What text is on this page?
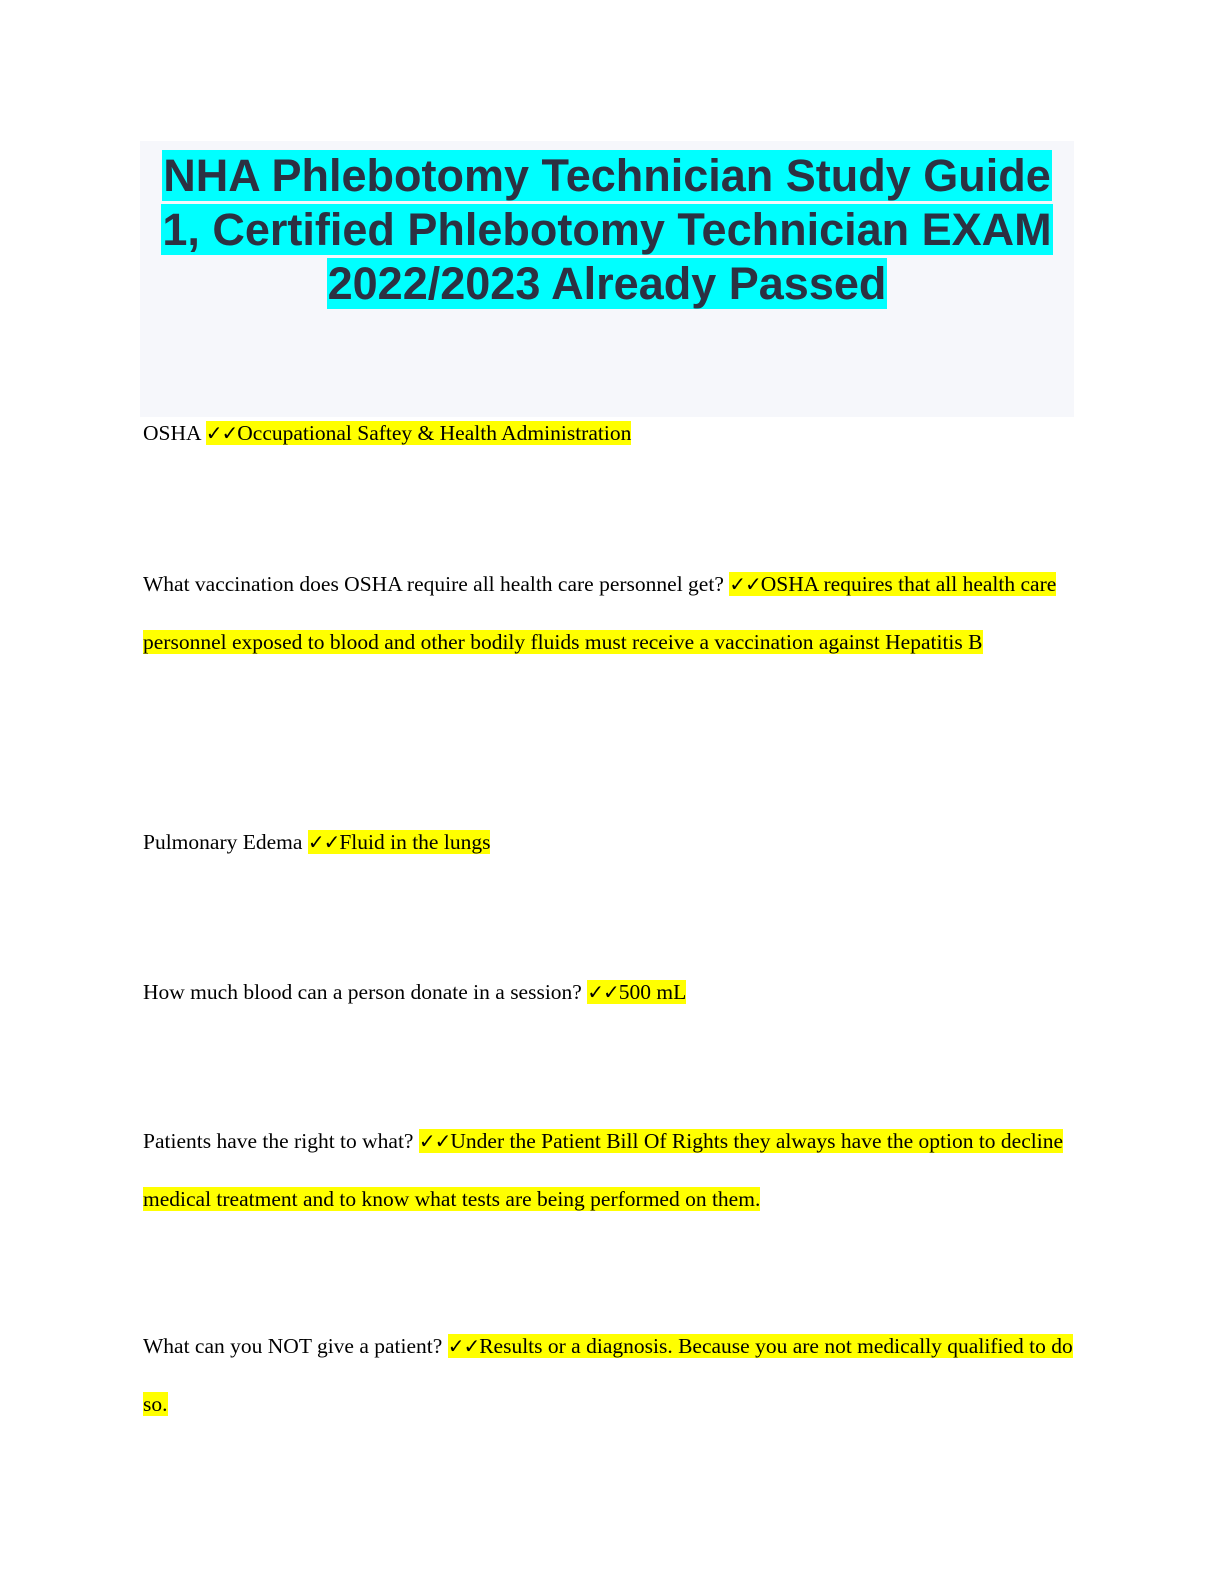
NHA Phlebotomy Technician Study Guide 1, Certified Phlebotomy Technician EXAM 2022/2023 Already Passed

OSHA ✓✓Occupational Saftey & Health Administration

What vaccination does OSHA require all health care personnel get? ✓✓OSHA requires that all health care personnel exposed to blood and other bodily fluids must receive a vaccination against Hepatitis B

Pulmonary Edema ✓✓Fluid in the lungs

How much blood can a person donate in a session? ✓✓500 mL

Patients have the right to what? ✓✓Under the Patient Bill Of Rights they always have the option to decline medical treatment and to know what tests are being performed on them.

What can you NOT give a patient? ✓✓Results or a diagnosis. Because you are not medically qualified to do so.
